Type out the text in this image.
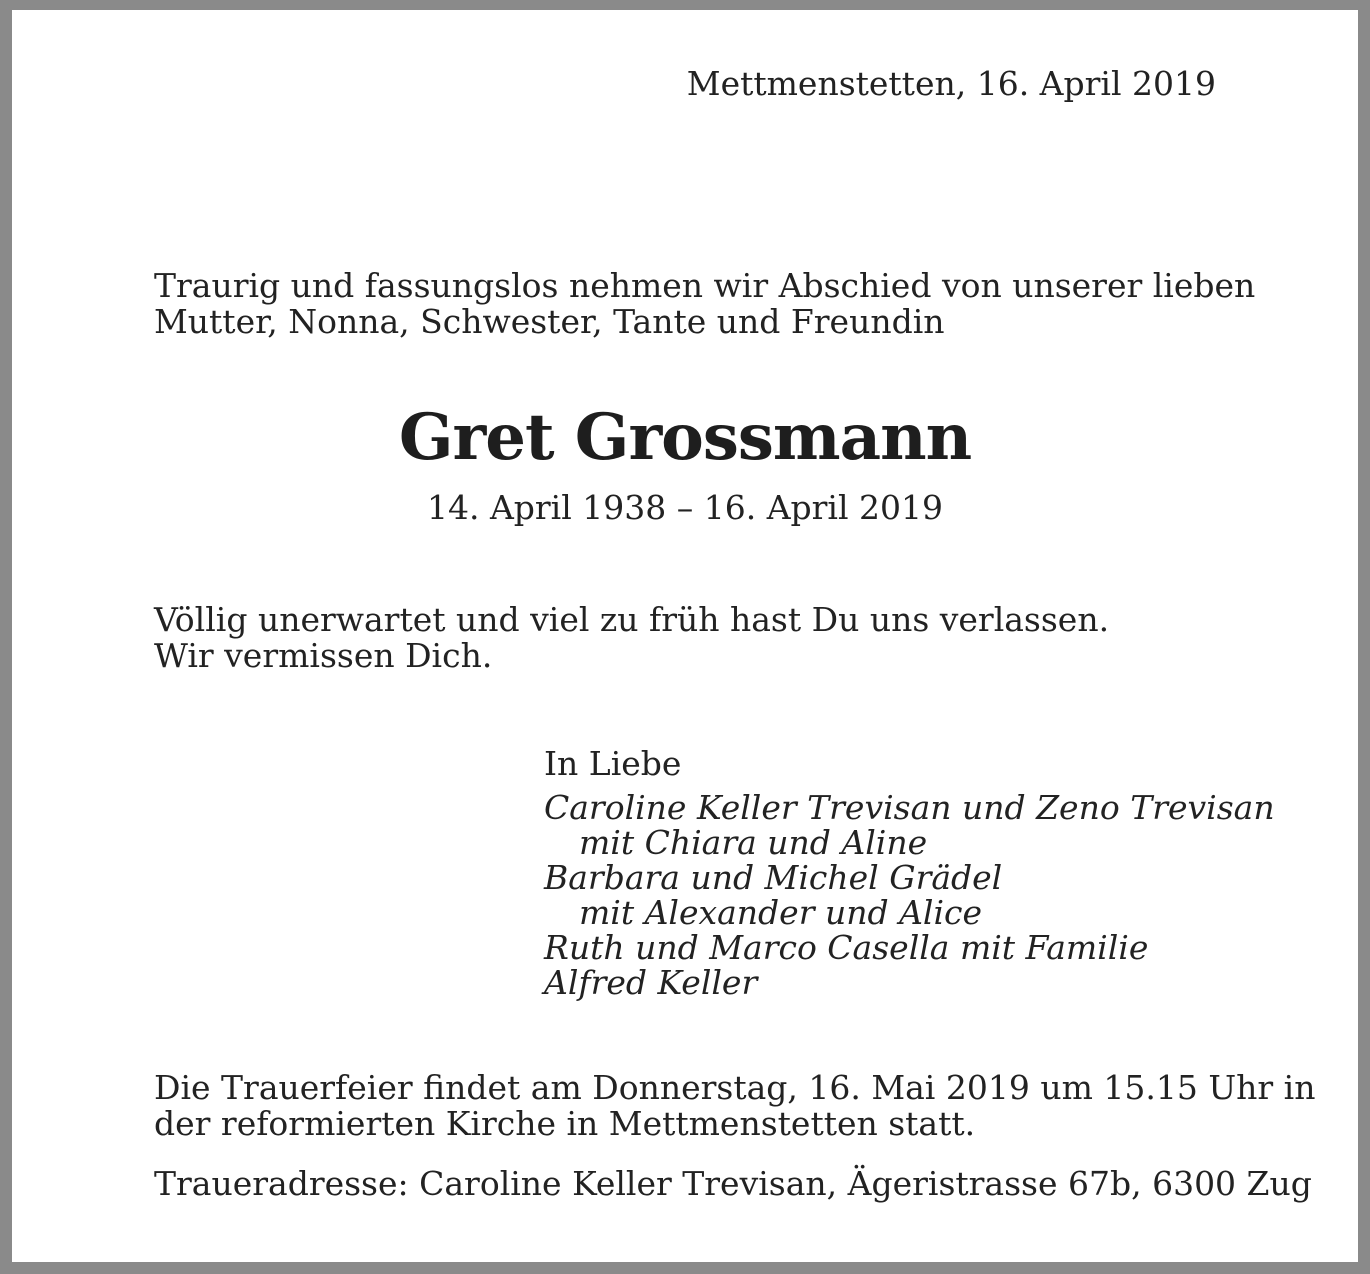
Mettmenstetten, 16. April 2019
Traurig und fassungslos nehmen wir Abschied von unserer lieben
Mutter, Nonna, Schwester, Tante und Freundin
Gret Grossmann
14. April 1938 – 16. April 2019
Völlig unerwartet und viel zu früh hast Du uns verlassen.
Wir vermissen Dich.
In Liebe
Caroline Keller Trevisan und Zeno Trevisan
mit Chiara und Aline
Barbara und Michel Grädel
mit Alexander und Alice
Ruth und Marco Casella mit Familie
Alfred Keller
Die Trauerfeier findet am Donnerstag, 16. Mai 2019 um 15.15 Uhr in
der reformierten Kirche in Mettmenstetten statt.
Traueradresse: Caroline Keller Trevisan, Ägeristrasse 67b, 6300 Zug
